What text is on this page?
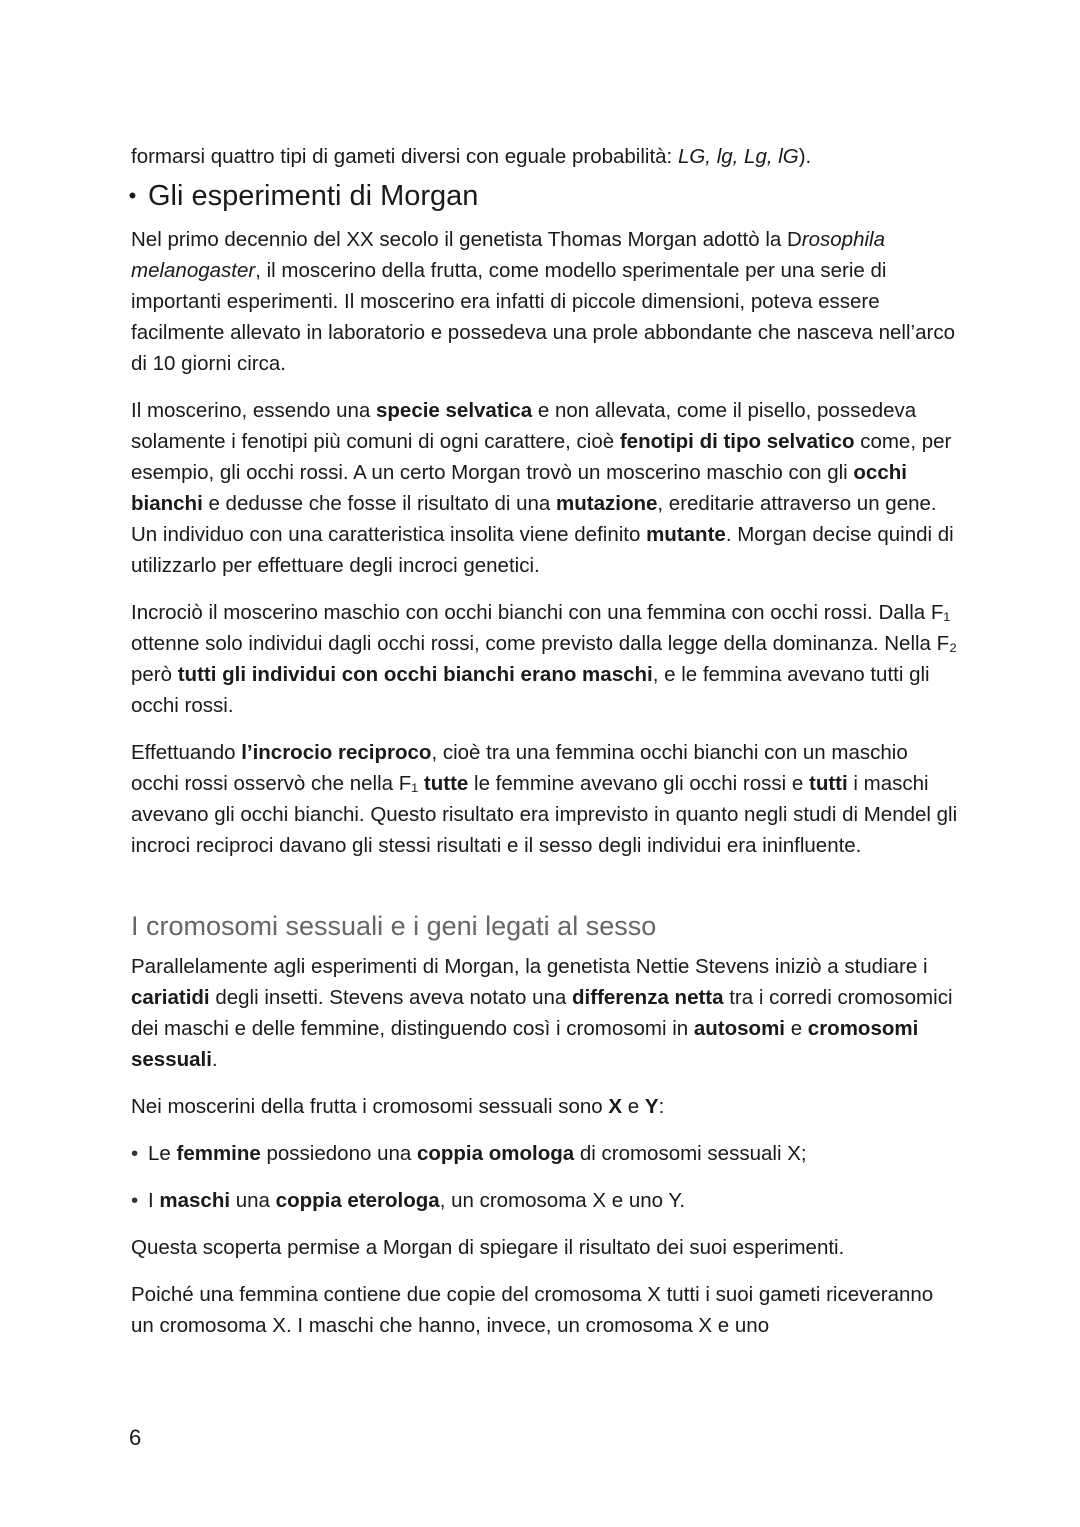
formarsi quattro tipi di gameti diversi con eguale probabilità: LG, lg, Lg, lG).

• Gli esperimenti di Morgan

Nel primo decennio del XX secolo il genetista Thomas Morgan adottò la Drosophila melanogaster, il moscerino della frutta, come modello sperimentale per una serie di importanti esperimenti. Il moscerino era infatti di piccole dimensioni, poteva essere facilmente allevato in laboratorio e possedeva una prole abbondante che nasceva nell’arco di 10 giorni circa.

Il moscerino, essendo una specie selvatica e non allevata, come il pisello, possedeva solamente i fenotipi più comuni di ogni carattere, cioè fenotipi di tipo selvatico come, per esempio, gli occhi rossi. A un certo Morgan trovò un moscerino maschio con gli occhi bianchi e dedusse che fosse il risultato di una mutazione, ereditarie attraverso un gene. Un individuo con una caratteristica insolita viene definito mutante. Morgan decise quindi di utilizzarlo per effettuare degli incroci genetici.

Incrociò il moscerino maschio con occhi bianchi con una femmina con occhi rossi. Dalla F₁ ottenne solo individui dagli occhi rossi, come previsto dalla legge della dominanza. Nella F₂ però tutti gli individui con occhi bianchi erano maschi, e le femmina avevano tutti gli occhi rossi.

Effettuando l’incrocio reciproco, cioè tra una femmina occhi bianchi con un maschio occhi rossi osservò che nella F₁ tutte le femmine avevano gli occhi rossi e tutti i maschi avevano gli occhi bianchi. Questo risultato era imprevisto in quanto negli studi di Mendel gli incroci reciproci davano gli stessi risultati e il sesso degli individui era ininfluente.

I cromosomi sessuali e i geni legati al sesso

Parallelamente agli esperimenti di Morgan, la genetista Nettie Stevens iniziò a studiare i cariatidi degli insetti. Stevens aveva notato una differenza netta tra i corredi cromosomici dei maschi e delle femmine, distinguendo così i cromosomi in autosomi e cromosomi sessuali.

Nei moscerini della frutta i cromosomi sessuali sono X e Y:

• Le femmine possiedono una coppia omologa di cromosomi sessuali X;
• I maschi una coppia eterologa, un cromosoma X e uno Y.

Questa scoperta permise a Morgan di spiegare il risultato dei suoi esperimenti.

Poiché una femmina contiene due copie del cromosoma X tutti i suoi gameti riceveranno un cromosoma X. I maschi che hanno, invece, un cromosoma X e uno

6
